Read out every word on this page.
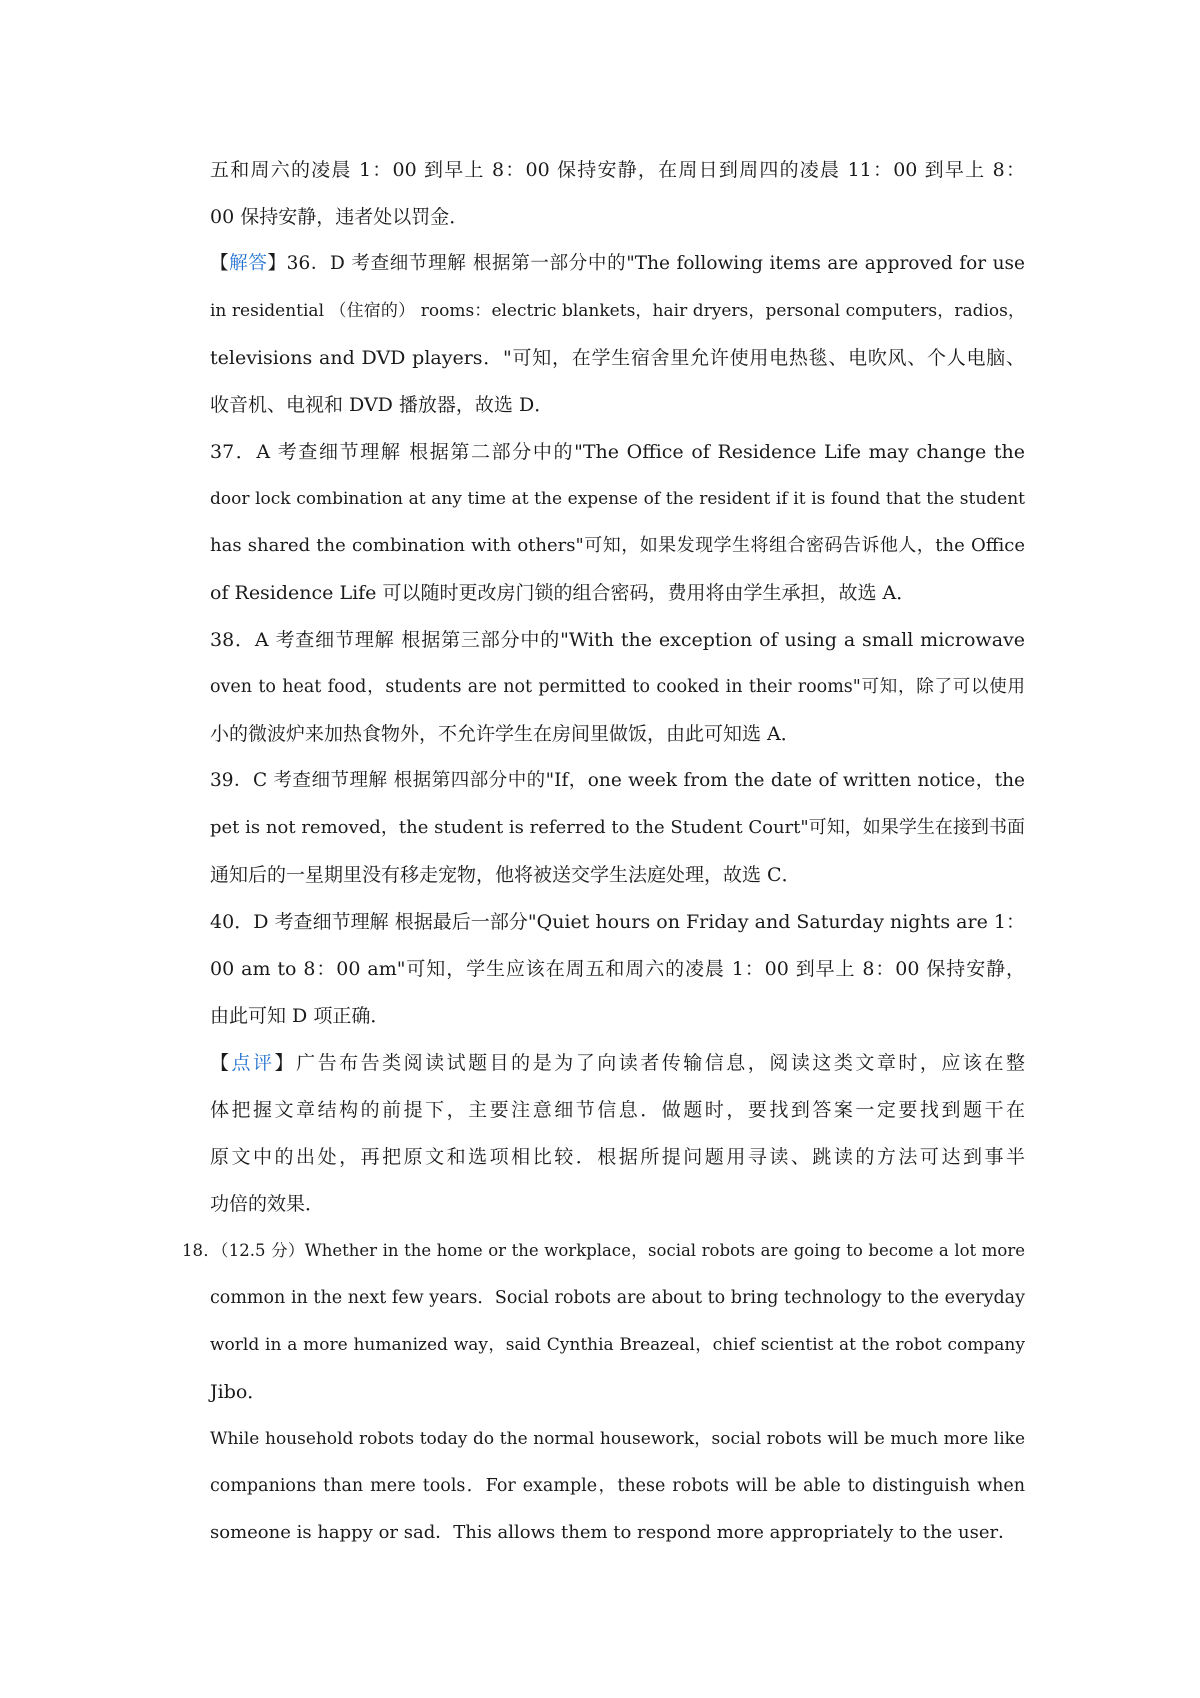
五和周六的凌晨 1：00 到早上 8：00 保持安静，在周日到周四的凌晨 11：00 到早上 8：
00 保持安静，违者处以罚金．
【解答】36．D 考查细节理解 根据第一部分中的"The following items are approved for use
in residential （住宿的） rooms：electric blankets，hair dryers，personal computers，radios，
televisions and DVD players．"可知，在学生宿舍里允许使用电热毯、电吹风、个人电脑、
收音机、电视和 DVD 播放器，故选 D．
37．A 考查细节理解 根据第二部分中的"The Office of Residence Life may change the
door lock combination at any time at the expense of the resident if it is found that the student
has shared the combination with others"可知，如果发现学生将组合密码告诉他人，the Office
of Residence Life 可以随时更改房门锁的组合密码，费用将由学生承担，故选 A．
38．A 考查细节理解 根据第三部分中的"With the exception of using a small microwave
oven to heat food，students are not permitted to cooked in their rooms"可知，除了可以使用
小的微波炉来加热食物外，不允许学生在房间里做饭，由此可知选 A．
39．C 考查细节理解 根据第四部分中的"If，one week from the date of written notice，the
pet is not removed，the student is referred to the Student Court"可知，如果学生在接到书面
通知后的一星期里没有移走宠物，他将被送交学生法庭处理，故选 C．
40．D 考查细节理解 根据最后一部分"Quiet hours on Friday and Saturday nights are 1：
00 am to 8：00 am"可知，学生应该在周五和周六的凌晨 1：00 到早上 8：00 保持安静，
由此可知 D 项正确．
【点评】广告布告类阅读试题目的是为了向读者传输信息，阅读这类文章时，应该在整
体把握文章结构的前提下，主要注意细节信息．做题时，要找到答案一定要找到题干在
原文中的出处，再把原文和选项相比较．根据所提问题用寻读、跳读的方法可达到事半
功倍的效果．
18．（12.5 分）Whether in the home or the workplace，social robots are going to become a lot more
common in the next few years．Social robots are about to bring technology to the everyday
world in a more humanized way，said Cynthia Breazeal，chief scientist at the robot company
Jibo．
While household robots today do the normal housework，social robots will be much more like
companions than mere tools．For example，these robots will be able to distinguish when
someone is happy or sad．This allows them to respond more appropriately to the user．
